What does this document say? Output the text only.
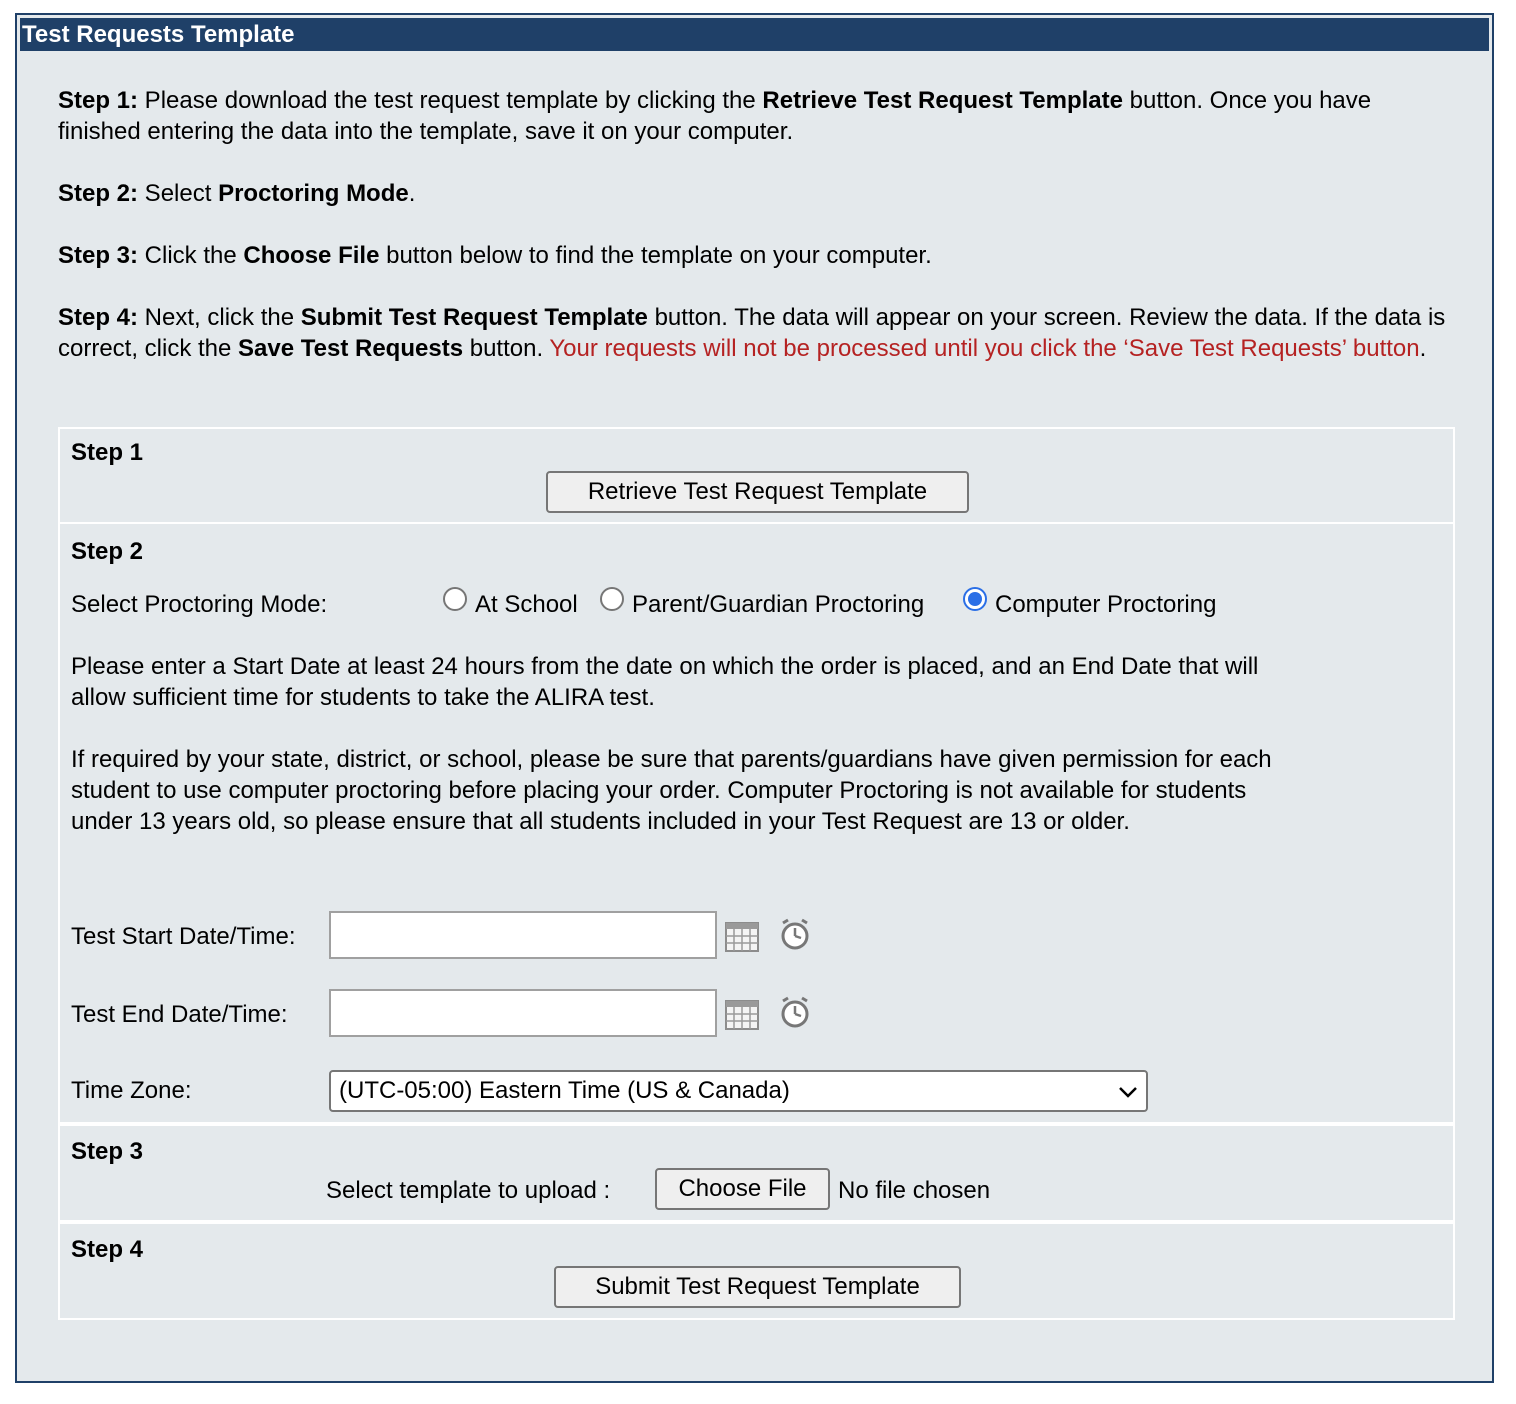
Test Requests Template

Step 1: Please download the test request template by clicking the Retrieve Test Request Template button. Once you have finished entering the data into the template, save it on your computer.

Step 2: Select Proctoring Mode.

Step 3: Click the Choose File button below to find the template on your computer.

Step 4: Next, click the Submit Test Request Template button. The data will appear on your screen. Review the data. If the data is correct, click the Save Test Requests button. Your requests will not be processed until you click the ‘Save Test Requests’ button.

Step 1
Retrieve Test Request Template
Step 2
Select Proctoring Mode:	At School Parent/Guardian Proctoring	Computer Proctoring
Please enter a Start Date at least 24 hours from the date on which the order is placed, and an End Date that will allow sufficient time for students to take the ALIRA test.
If required by your state, district, or school, please be sure that parents/guardians have given permission for each student to use computer proctoring before placing your order. Computer Proctoring is not available for students under 13 years old, so please ensure that all students included in your Test Request are 13 or older.
Test Start Date/Time:
Test End Date/Time:
Time Zone:	(UTC-05:00) Eastern Time (US & Canada)
Step 3
Select template to upload :	Choose File	No file chosen
Step 4
Submit Test Request Template
